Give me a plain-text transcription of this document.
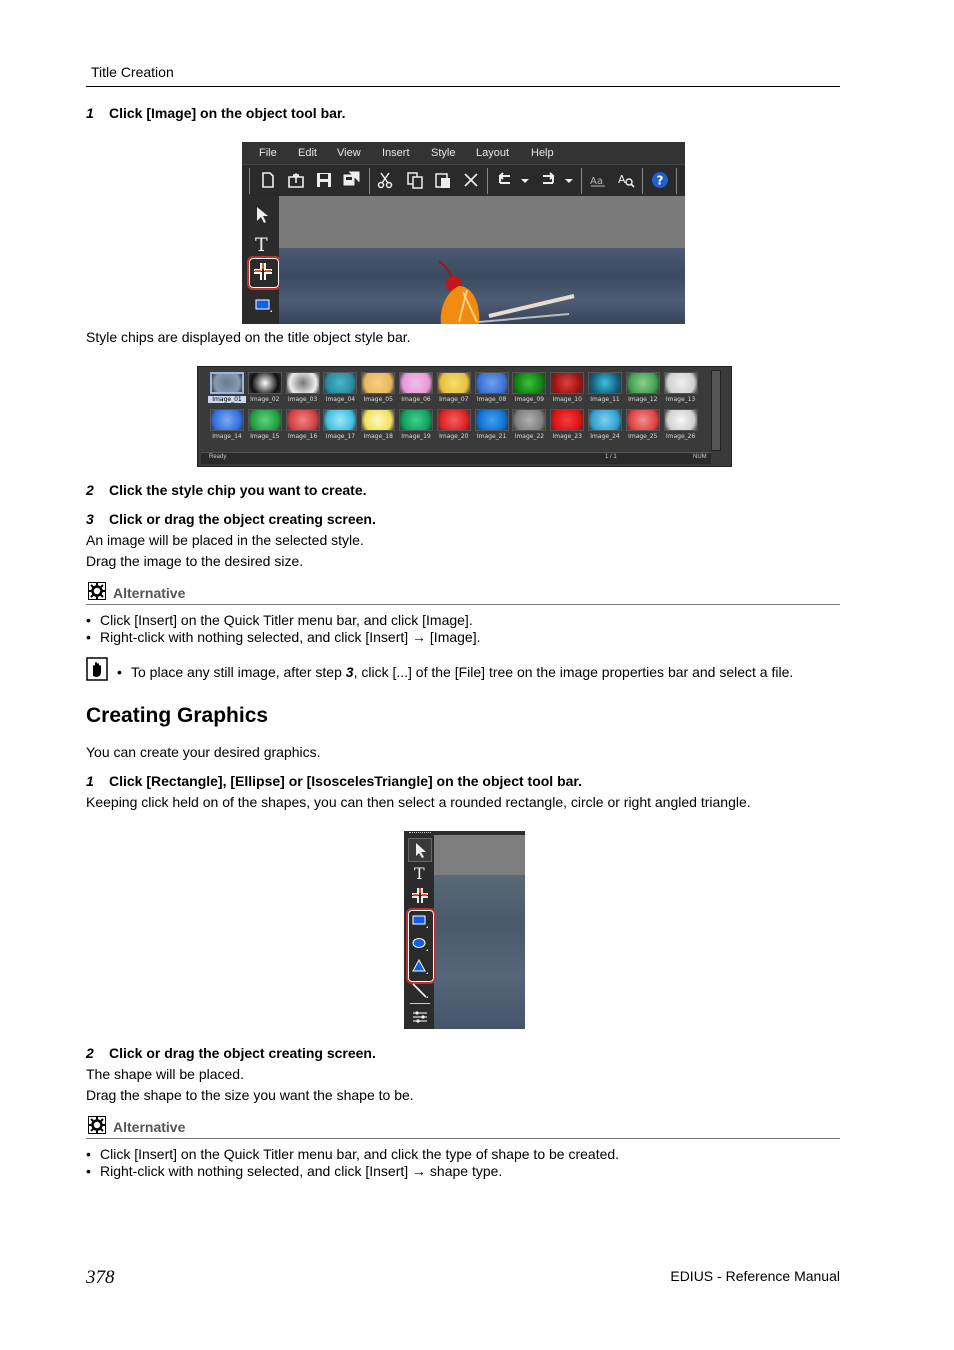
Title Creation
1 Click [Image] on the object tool bar.
File Edit View Insert Style Layout Help
Aa A	?
T
Style chips are displayed on the title object style bar.
Image_01	Image_02	Image_03	Image_04	Image_05	Image_06	Image_07	Image_08	Image_09	Image_10	Image_11	Image_12	Image_13
Image_14	Image_15	Image_16	Image_17	Image_18	Image_19	Image_20	Image_21	Image_22	Image_23	Image_24	Image_25	Image_26
Ready	1 / 1	NUM
2 Click the style chip you want to create.
3 Click or drag the object creating screen.
An image will be placed in the selected style.
Drag the image to the desired size.
Alternative
• Click [Insert] on the Quick Titler menu bar, and click [Image].
• Right-click with nothing selected, and click [Insert] → [Image].
• To place any still image, after step 3, click [...] of the [File] tree on the image properties bar and select a file.
Creating Graphics
You can create your desired graphics.
1 Click [Rectangle], [Ellipse] or [IsoscelesTriangle] on the object tool bar.
Keeping click held on of the shapes, you can then select a rounded rectangle, circle or right angled triangle.
T
2 Click or drag the object creating screen.
The shape will be placed.
Drag the shape to the size you want the shape to be.
Alternative
• Click [Insert] on the Quick Titler menu bar, and click the type of shape to be created.
• Right-click with nothing selected, and click [Insert] → shape type.
378	EDIUS - Reference Manual
